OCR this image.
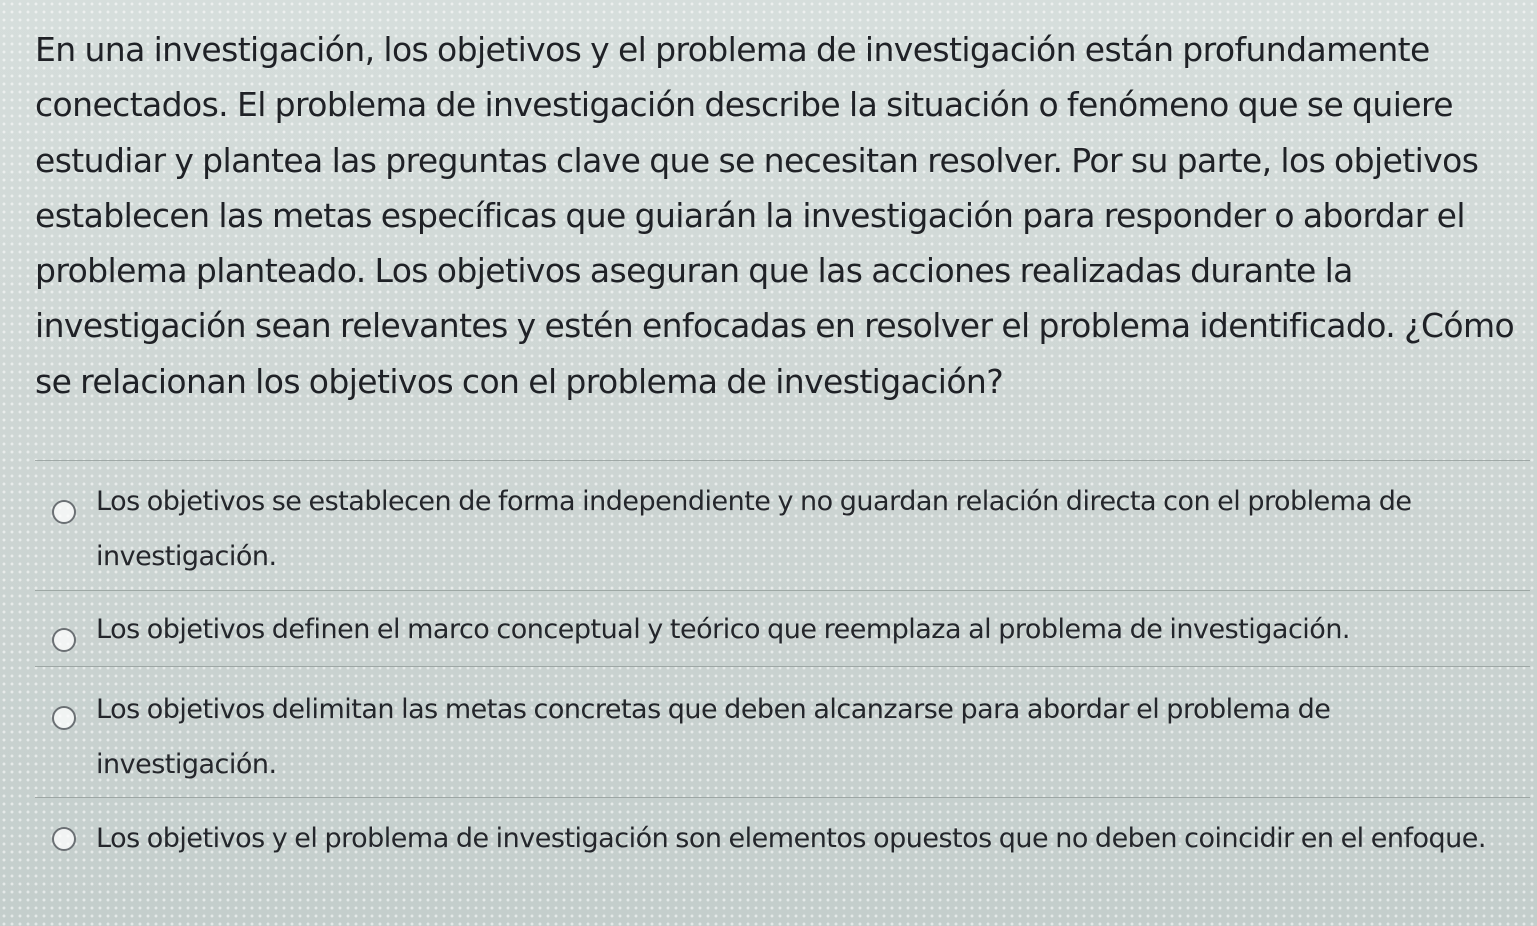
En una investigación, los objetivos y el problema de investigación están profundamente conectados. El problema de investigación describe la situación o fenómeno que se quiere estudiar y plantea las preguntas clave que se necesitan resolver. Por su parte, los objetivos establecen las metas específicas que guiarán la investigación para responder o abordar el problema planteado. Los objetivos aseguran que las acciones realizadas durante la investigación sean relevantes y estén enfocadas en resolver el problema identificado. ¿Cómo se relacionan los objetivos con el problema de investigación?

Los objetivos se establecen de forma independiente y no guardan relación directa con el problema de investigación.
Los objetivos definen el marco conceptual y teórico que reemplaza al problema de investigación.
Los objetivos delimitan las metas concretas que deben alcanzarse para abordar el problema de investigación.
Los objetivos y el problema de investigación son elementos opuestos que no deben coincidir en el enfoque.
